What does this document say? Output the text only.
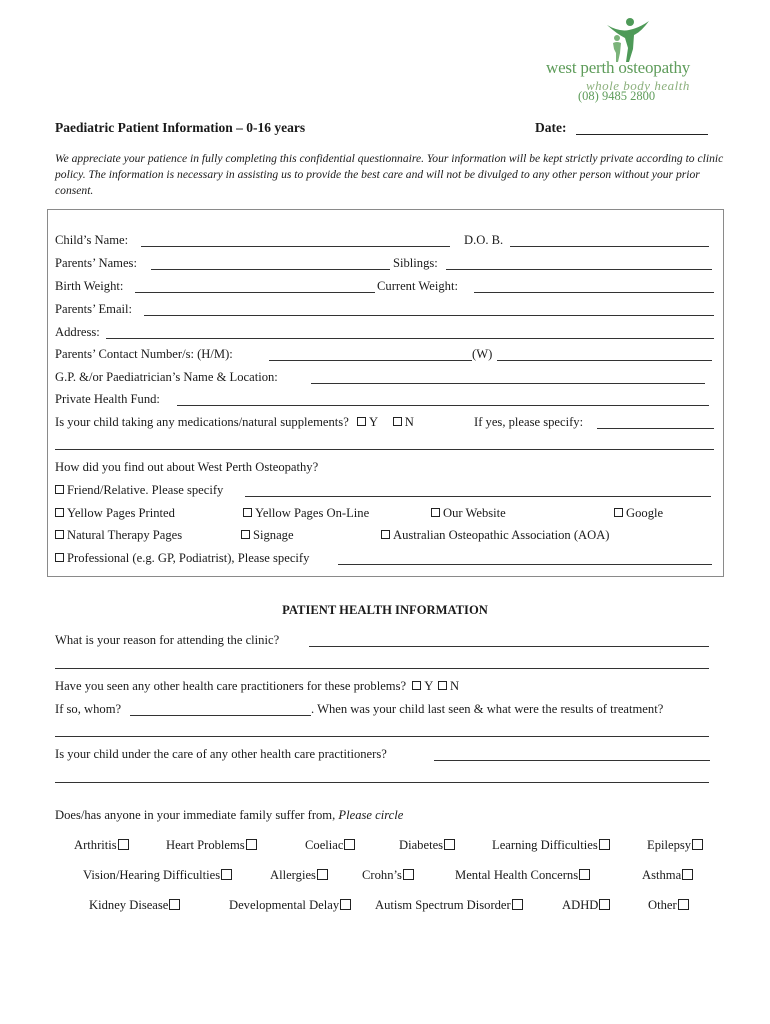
west perth osteopathy
whole body health
(08) 9485 2800
Paediatric Patient Information – 0-16 years	Date:
We appreciate your patience in fully completing this confidential questionnaire. Your information will be kept strictly private according to clinic policy. The information is necessary in assisting us to provide the best care and will not be divulged to any other person without your prior consent.
Child’s Name:	D.O. B.
Parents’ Names:	Siblings:
Birth Weight:	Current Weight:
Parents’ Email:
Address:
Parents’ Contact Number/s: (H/M):	(W)
G.P. &/or Paediatrician’s Name & Location:
Private Health Fund:
Is your child taking any medications/natural supplements? Y N	If yes, please specify:
How did you find out about West Perth Osteopathy?
Friend/Relative. Please specify
Yellow Pages Printed	Yellow Pages On-Line	Our Website	Google
Natural Therapy Pages	Signage	Australian Osteopathic Association (AOA)
Professional (e.g. GP, Podiatrist), Please specify
PATIENT HEALTH INFORMATION
What is your reason for attending the clinic?
Have you seen any other health care practitioners for these problems? Y N
If so, whom?	. When was your child last seen & what were the results of treatment?
Is your child under the care of any other health care practitioners?
Does/has anyone in your immediate family suffer from, Please circle
Arthritis	Heart Problems	Coeliac	Diabetes	Learning Difficulties	Epilepsy
Vision/Hearing Difficulties	Allergies	Crohn’s	Mental Health Concerns	Asthma
Kidney Disease	Developmental Delay	Autism Spectrum Disorder	ADHD	Other
